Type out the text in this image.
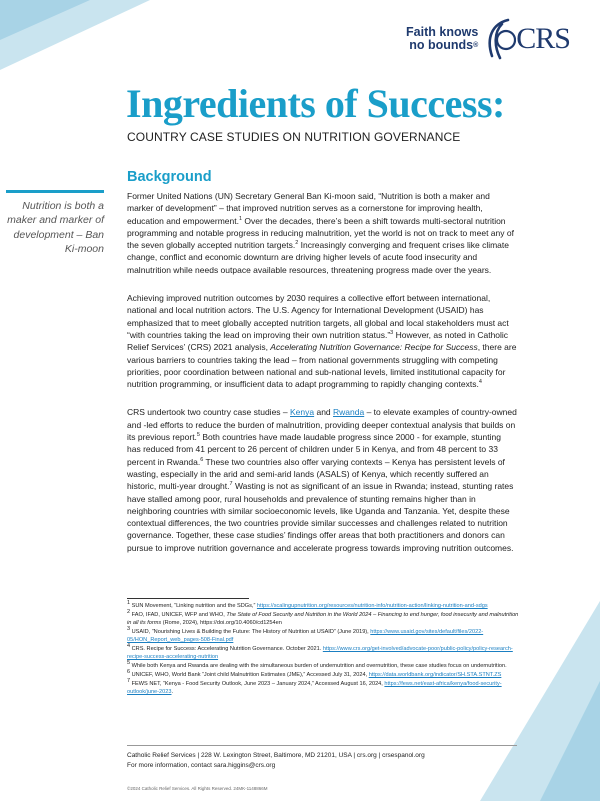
Faith knows
no bounds® CRS
Ingredients of Success:
COUNTRY CASE STUDIES ON NUTRITION GOVERNANCE
Background
Nutrition is both a maker and marker of development – Ban Ki-moon

Former United Nations (UN) Secretary General Ban Ki-moon said, “Nutrition is both a maker and marker of development” – that improved nutrition serves as a cornerstone for improving health, education and empowerment.$^1$ Over the decades, there’s been a shift towards multi-sectoral nutrition programming and notable progress in reducing malnutrition, yet the world is not on track to meet any of the seven globally accepted nutrition targets.$^2$ Increasingly converging and frequent crises like climate change, conflict and economic downturn are driving higher levels of acute food insecurity and malnutrition while needs outpace available resources, threatening progress made over the years.

Achieving improved nutrition outcomes by 2030 requires a collective effort between international, national and local nutrition actors. The U.S. Agency for International Development (USAID) has emphasized that to meet globally accepted nutrition targets, all global and local stakeholders must act “with countries taking the lead on improving their own nutrition status.”$^3$ However, as noted in Catholic Relief Services’ (CRS) 2021 analysis, Accelerating Nutrition Governance: Recipe for Success, there are various barriers to countries taking the lead – from national governments struggling with competing priorities, poor coordination between national and sub-national levels, limited institutional capacity for nutrition programming, or insufficient data to adapt programming to rapidly changing contexts.$^4$

CRS undertook two country case studies – Kenya and Rwanda – to elevate examples of country-owned and -led efforts to reduce the burden of malnutrition, providing deeper contextual analysis that builds on its previous report.$^5$ Both countries have made laudable progress since 2000 - for example, stunting has reduced from 41 percent to 26 percent of children under 5 in Kenya, and from 48 percent to 33 percent in Rwanda.$^6$ These two countries also offer varying contexts – Kenya has persistent levels of wasting, especially in the arid and semi-arid lands (ASALS) of Kenya, which recently suffered an historic, multi-year drought.$^7$ Wasting is not as significant of an issue in Rwanda; instead, stunting rates have stalled among poor, rural households and prevalence of stunting remains higher than in neighboring countries with similar socioeconomic levels, like Uganda and Tanzania. Yet, despite these contextual differences, the two countries provide similar successes and challenges related to nutrition governance. Together, these case studies’ findings offer areas that both practitioners and donors can pursue to improve nutrition governance and accelerate progress towards improving nutrition outcomes.

$^1$ SUN Movement, “Linking nutrition and the SDGs,” https://scalingupnutrition.org/resources/nutrition-info/nutrition-action/linking-nutrition-and-sdgs
$^2$ FAO, IFAD, UNICEF, WFP and WHO, The State of Food Security and Nutrition in the World 2024 – Financing to end hunger, food insecurity and malnutrition in all its forms (Rome, 2024), https://doi.org/10.4060/cd1254en
$^3$ USAID, “Nourishing Lives & Building the Future: The History of Nutrition at USAID” (June 2019), https://www.usaid.gov/sites/default/files/2022-05/HON_Report_web_pages-508-Final.pdf
$^4$ CRS. Recipe for Success: Accelerating Nutrition Governance. October 2021. https://www.crs.org/get-involved/advocate-poor/public-policy/policy-research-recipe-success-accelerating-nutrition
$^5$ While both Kenya and Rwanda are dealing with the simultaneous burden of undernutrition and overnutrition, these case studies focus on undernutrition.
$^6$ UNICEF, WHO, World Bank “Joint child Malnutrition Estimates (JME),” Accessed July 31, 2024, https://data.worldbank.org/indicator/SH.STA.STNT.ZS
$^7$ FEWS NET, “Kenya - Food Security Outlook, June 2023 – January 2024,” Accessed August 16, 2024, https://fews.net/east-africa/kenya/food-security-outlook/june-2023.
Catholic Relief Services | 228 W. Lexington Street, Baltimore, MD 21201, USA | crs.org | crsespanol.org
For more information, contact sara.higgins@crs.org
©2024 Catholic Relief Services. All Rights Reserved. 24MK-1148866M
